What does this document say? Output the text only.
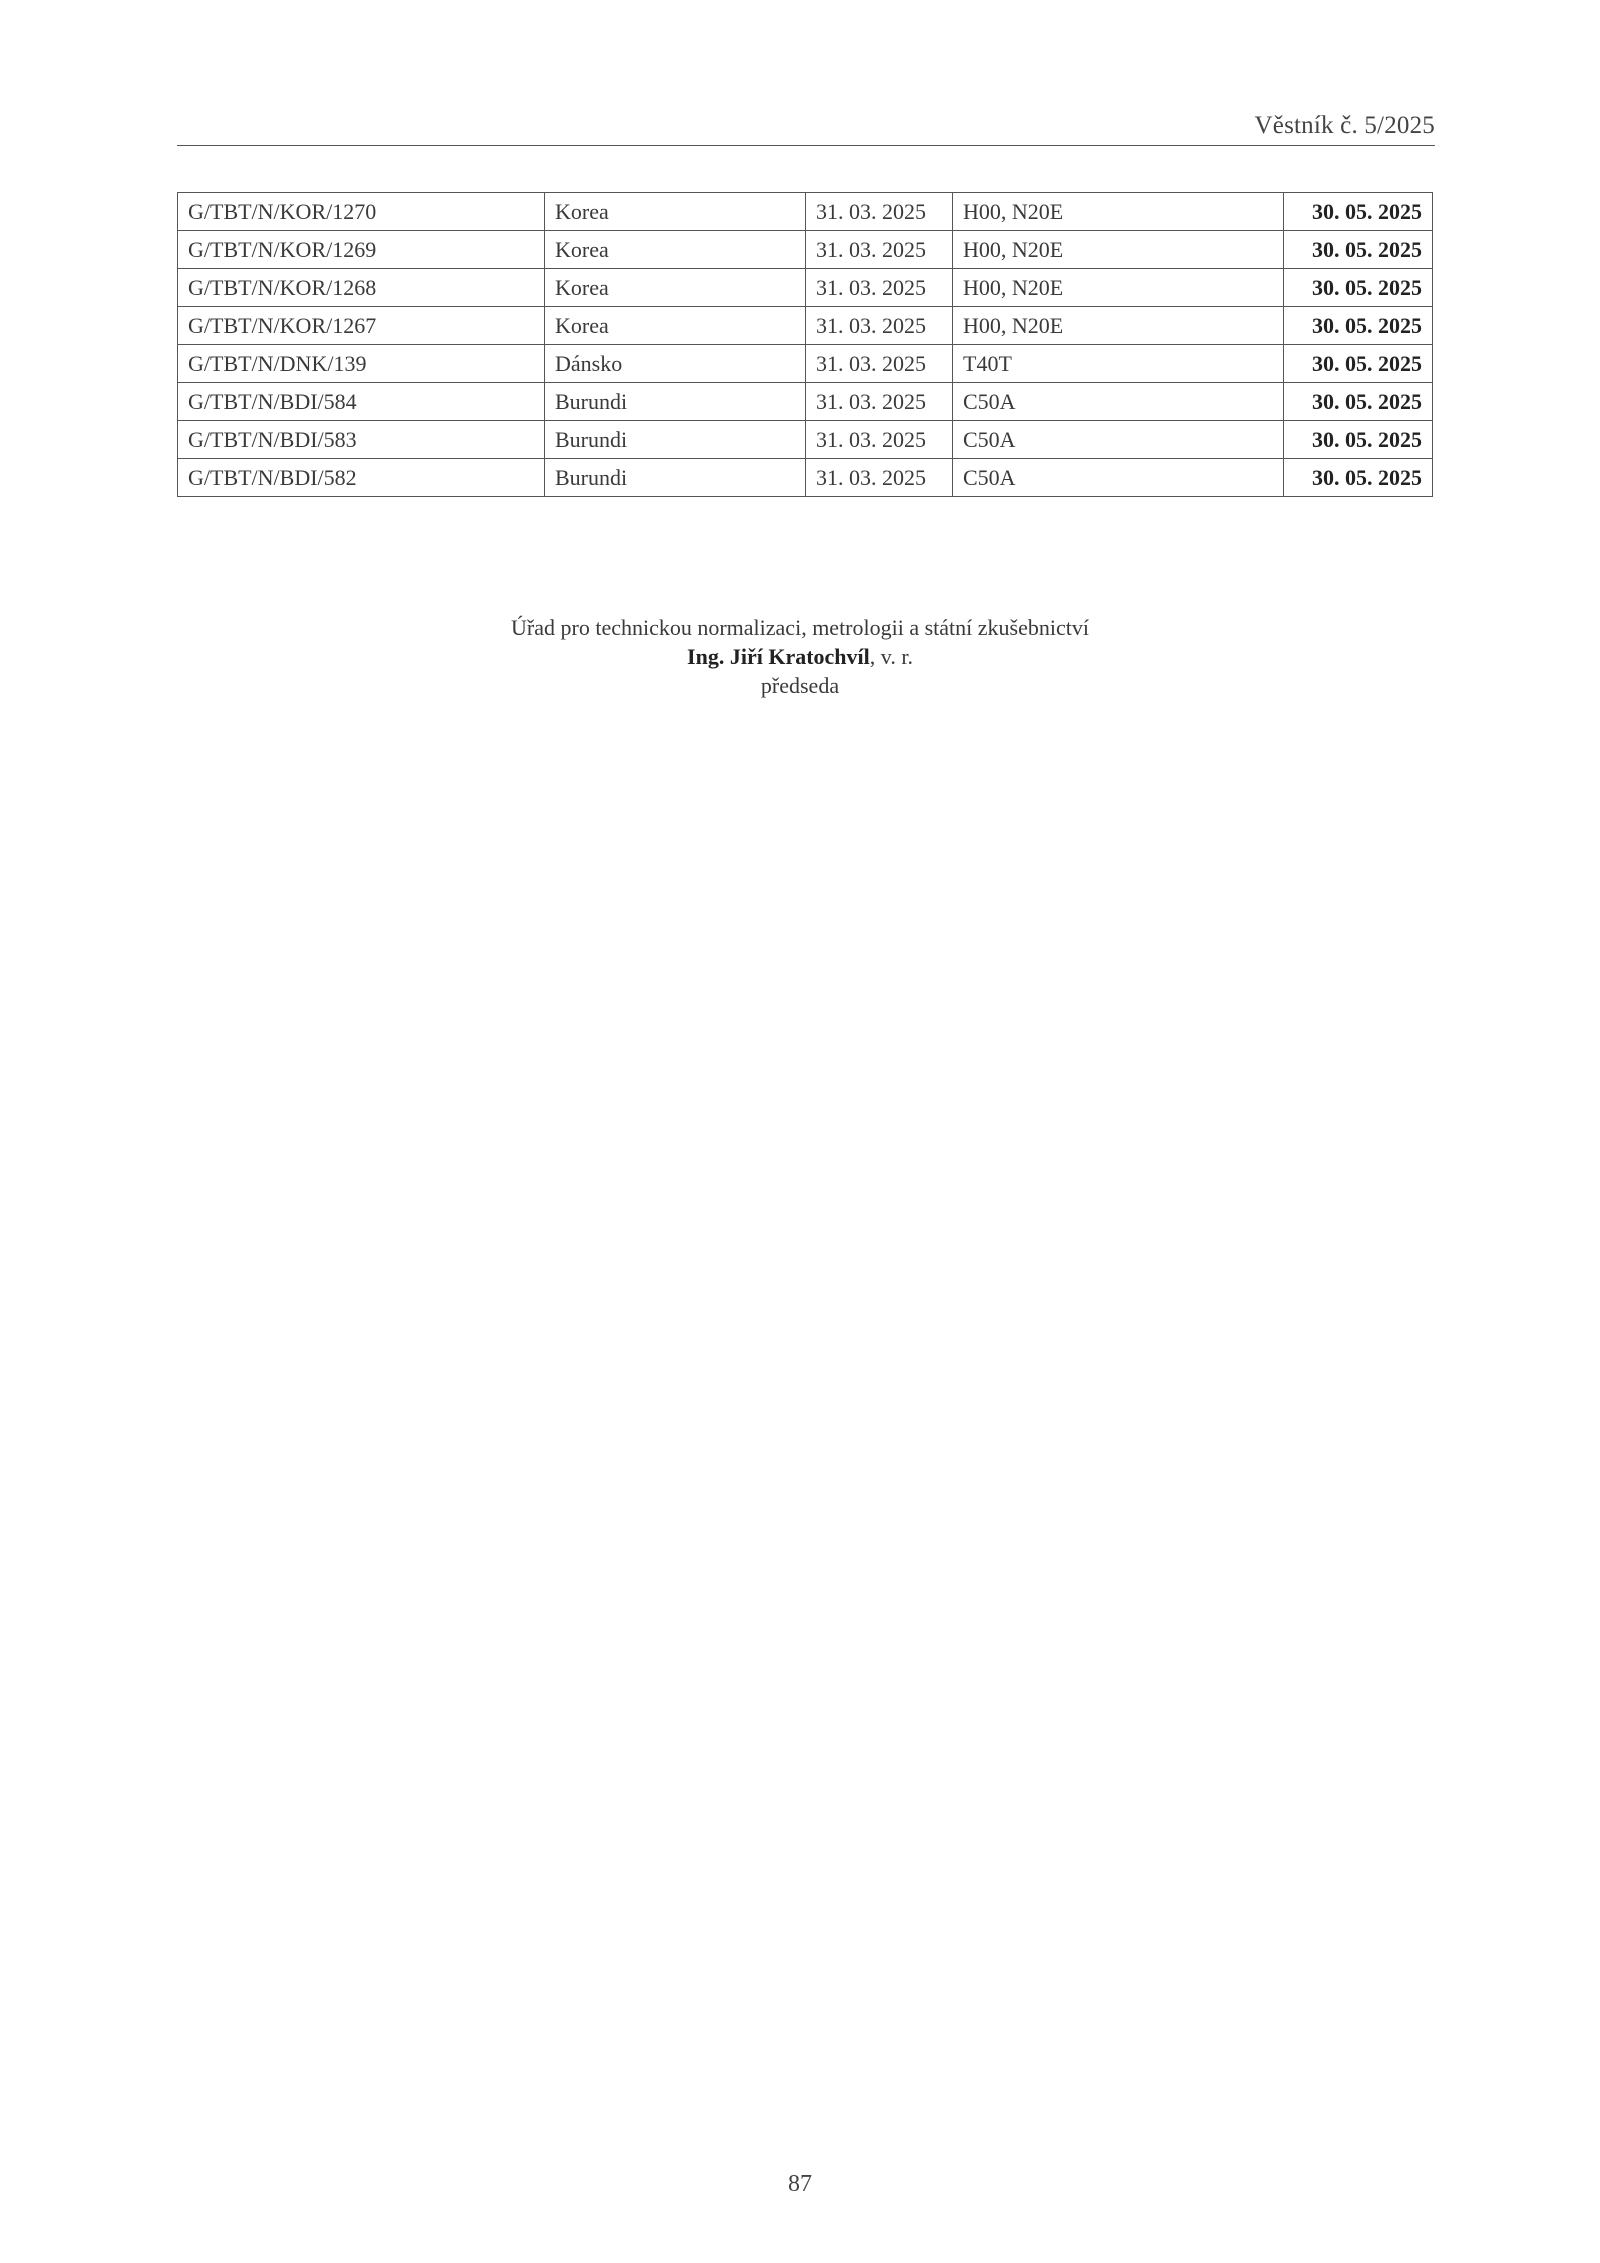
Věstník č. 5/2025
G/TBT/N/KOR/1270	Korea	31. 03. 2025	H00, N20E	30. 05. 2025
G/TBT/N/KOR/1269	Korea	31. 03. 2025	H00, N20E	30. 05. 2025
G/TBT/N/KOR/1268	Korea	31. 03. 2025	H00, N20E	30. 05. 2025
G/TBT/N/KOR/1267	Korea	31. 03. 2025	H00, N20E	30. 05. 2025
G/TBT/N/DNK/139	Dánsko	31. 03. 2025	T40T	30. 05. 2025
G/TBT/N/BDI/584	Burundi	31. 03. 2025	C50A	30. 05. 2025
G/TBT/N/BDI/583	Burundi	31. 03. 2025	C50A	30. 05. 2025
G/TBT/N/BDI/582	Burundi	31. 03. 2025	C50A	30. 05. 2025
Úřad pro technickou normalizaci, metrologii a státní zkušebnictví
Ing. Jiří Kratochvíl, v. r.
předseda
87
